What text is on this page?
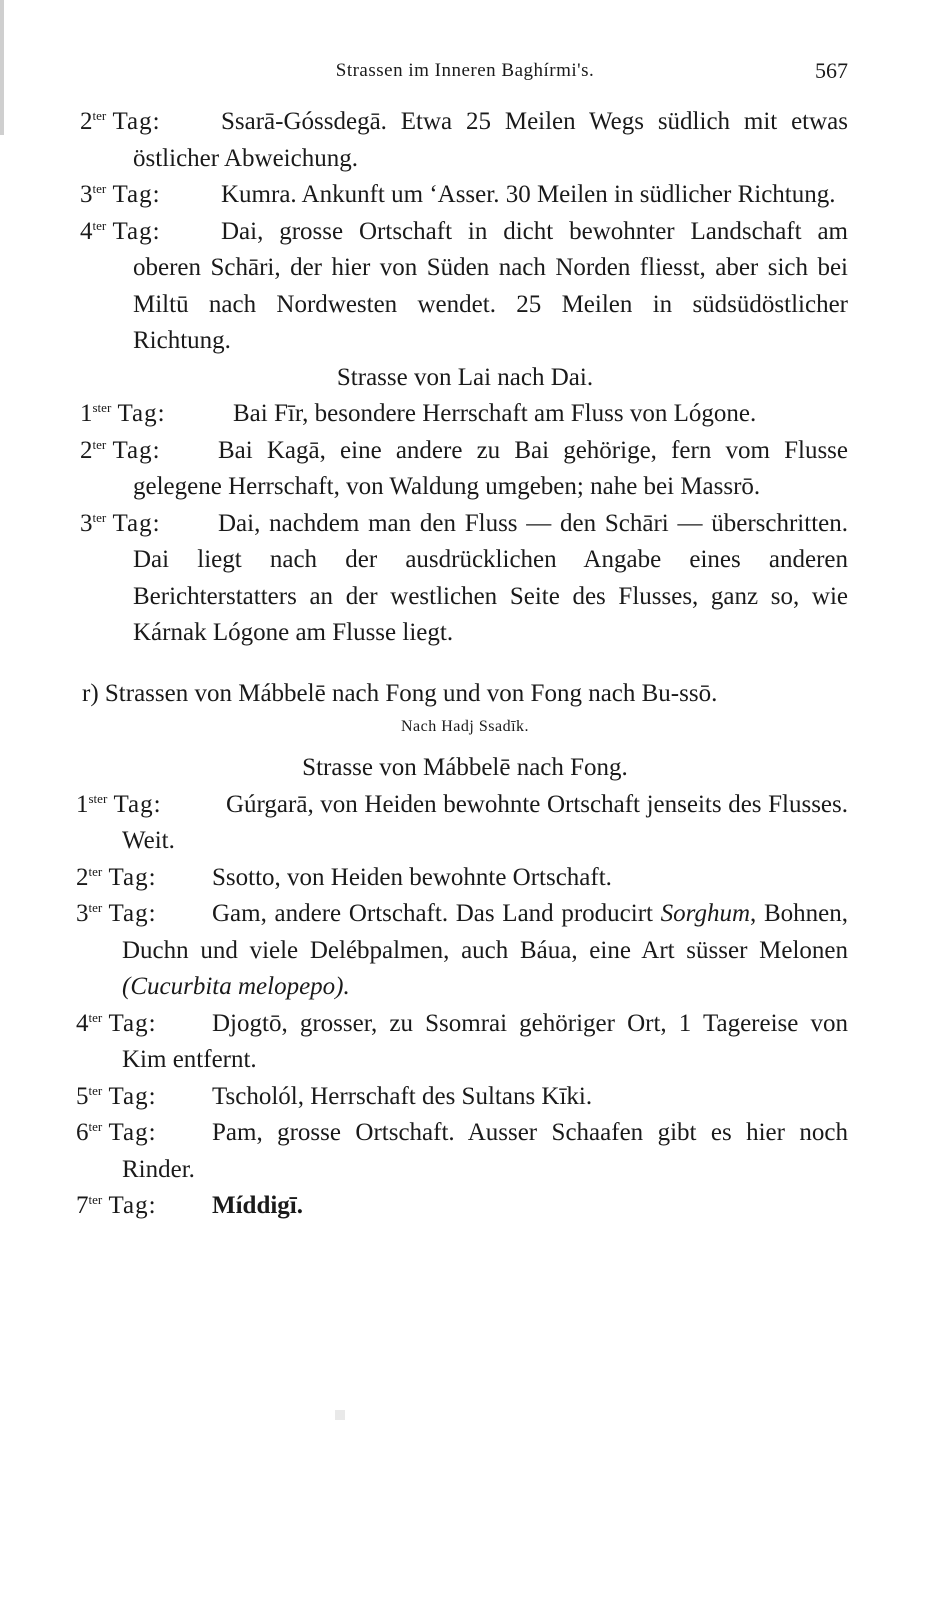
Strassen im Inneren Baghírmi's.	567
$2^{ter}$ Tag: Ssarā-Góssdegā. Etwa 25 Meilen Wegs südlich mit etwas östlicher Abweichung.
$3^{ter}$ Tag: Kumra. Ankunft um ‘Asser. 30 Meilen in südlicher Richtung.
$4^{ter}$ Tag: Dai, grosse Ortschaft in dicht bewohnter Landschaft am oberen Schāri, der hier von Süden nach Norden fliesst, aber sich bei Miltū nach Nordwesten wendet. 25 Meilen in südsüdöstlicher Richtung.
Strasse von Lai nach Dai.
$1^{ster}$ Tag:	Bai Fīr, besondere Herrschaft am Fluss von Lógone.
$2^{ter}$ Tag: Bai Kagā, eine andere zu Bai gehörige, fern vom Flusse gelegene Herrschaft, von Waldung umgeben; nahe bei Massrō.
$3^{ter}$ Tag: Dai, nachdem man den Fluss — den Schāri — überschritten. Dai liegt nach der ausdrücklichen Angabe eines anderen Berichterstatters an der westlichen Seite des Flusses, ganz so, wie Kárnak Lógone am Flusse liegt.
r) Strassen von Mábbelē nach Fong und von Fong nach Bu-ssō.
Nach Hadj Ssadīk.
Strasse von Mábbelē nach Fong.
$1^{ster}$ Tag:	Gúrgarā, von Heiden bewohnte Ortschaft jenseits des Flusses. Weit.
$2^{ter}$ Tag: Ssotto, von Heiden bewohnte Ortschaft.
$3^{ter}$ Tag: Gam, andere Ortschaft. Das Land producirt Sorghum, Bohnen, Duchn und viele Delébpalmen, auch Báua, eine Art süsser Melonen (Cucurbita melopepo).
$4^{ter}$ Tag: Djogtō, grosser, zu Ssomrai gehöriger Ort, 1 Tagereise von Kim entfernt.
$5^{ter}$ Tag: Tscholól, Herrschaft des Sultans Kīki.
$6^{ter}$ Tag: Pam, grosse Ortschaft. Ausser Schaafen gibt es hier noch Rinder.
$7^{ter}$ Tag: Míddigī.
